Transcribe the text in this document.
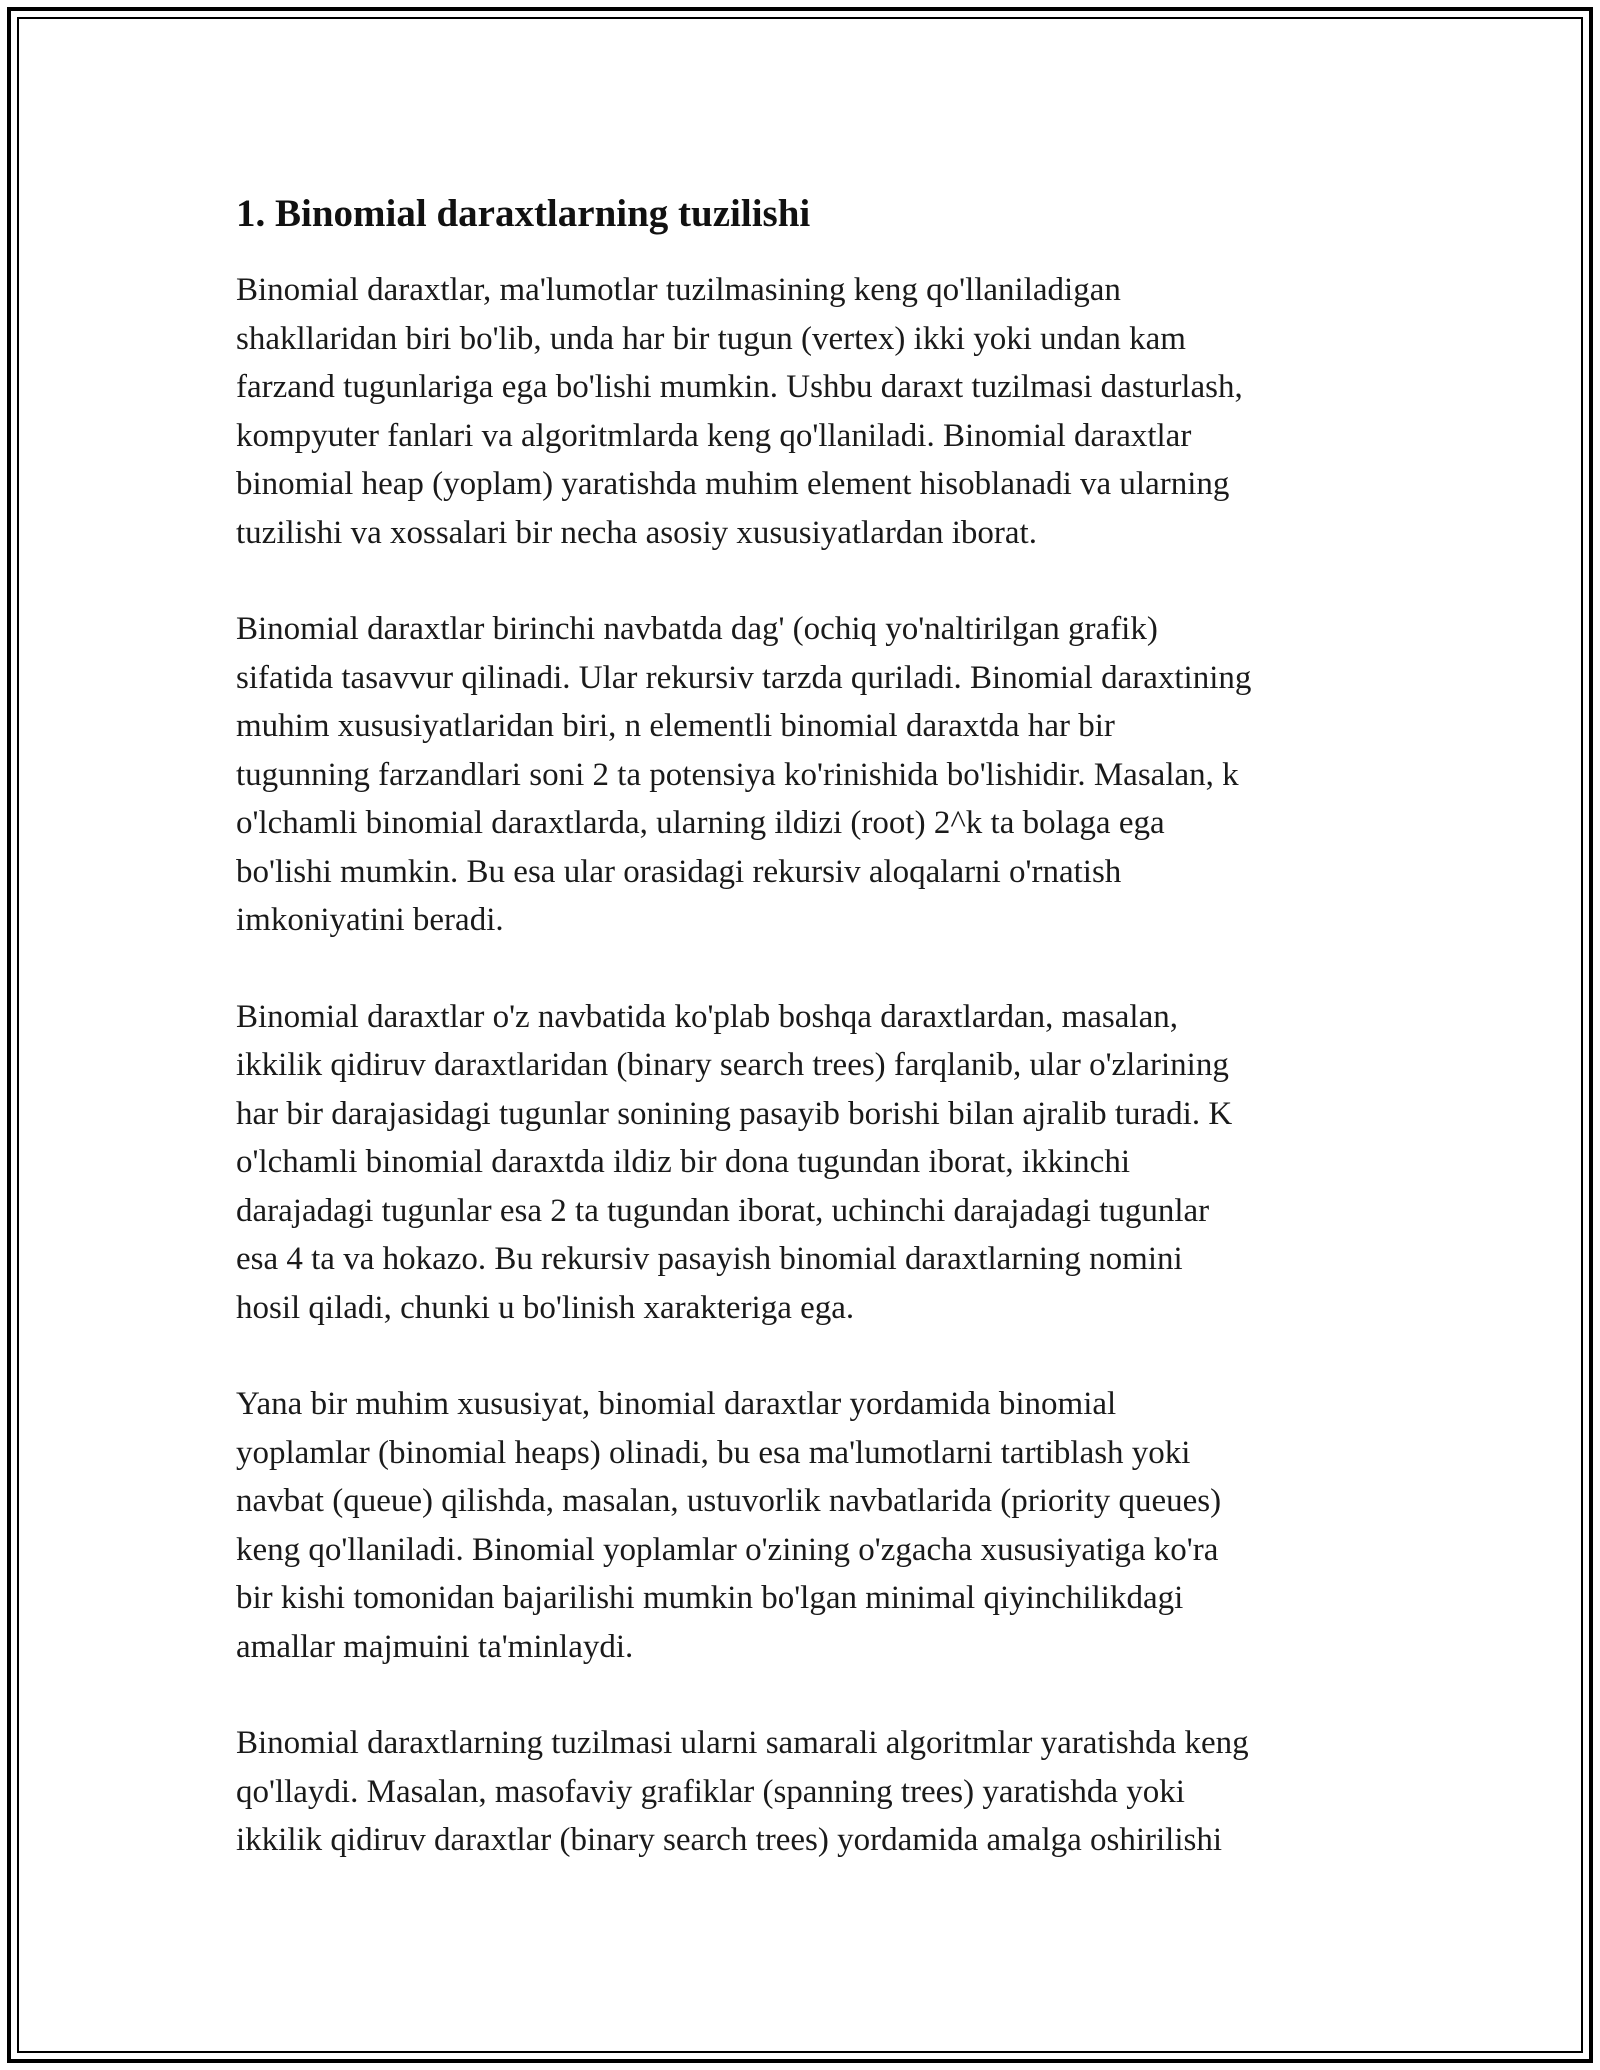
1. Binomial daraxtlarning tuzilishi

Binomial daraxtlar, ma'lumotlar tuzilmasining keng qo'llaniladigan
shakllaridan biri bo'lib, unda har bir tugun (vertex) ikki yoki undan kam
farzand tugunlariga ega bo'lishi mumkin. Ushbu daraxt tuzilmasi dasturlash,
kompyuter fanlari va algoritmlarda keng qo'llaniladi. Binomial daraxtlar
binomial heap (yoplam) yaratishda muhim element hisoblanadi va ularning
tuzilishi va xossalari bir necha asosiy xususiyatlardan iborat.

Binomial daraxtlar birinchi navbatda dag' (ochiq yo'naltirilgan grafik)
sifatida tasavvur qilinadi. Ular rekursiv tarzda quriladi. Binomial daraxtining
muhim xususiyatlaridan biri, n elementli binomial daraxtda har bir
tugunning farzandlari soni 2 ta potensiya ko'rinishida bo'lishidir. Masalan, k
o'lchamli binomial daraxtlarda, ularning ildizi (root) 2^k ta bolaga ega
bo'lishi mumkin. Bu esa ular orasidagi rekursiv aloqalarni o'rnatish
imkoniyatini beradi.

Binomial daraxtlar o'z navbatida ko'plab boshqa daraxtlardan, masalan,
ikkilik qidiruv daraxtlaridan (binary search trees) farqlanib, ular o'zlarining
har bir darajasidagi tugunlar sonining pasayib borishi bilan ajralib turadi. K
o'lchamli binomial daraxtda ildiz bir dona tugundan iborat, ikkinchi
darajadagi tugunlar esa 2 ta tugundan iborat, uchinchi darajadagi tugunlar
esa 4 ta va hokazo. Bu rekursiv pasayish binomial daraxtlarning nomini
hosil qiladi, chunki u bo'linish xarakteriga ega.

Yana bir muhim xususiyat, binomial daraxtlar yordamida binomial
yoplamlar (binomial heaps) olinadi, bu esa ma'lumotlarni tartiblash yoki
navbat (queue) qilishda, masalan, ustuvorlik navbatlarida (priority queues)
keng qo'llaniladi. Binomial yoplamlar o'zining o'zgacha xususiyatiga ko'ra
bir kishi tomonidan bajarilishi mumkin bo'lgan minimal qiyinchilikdagi
amallar majmuini ta'minlaydi.

Binomial daraxtlarning tuzilmasi ularni samarali algoritmlar yaratishda keng
qo'llaydi. Masalan, masofaviy grafiklar (spanning trees) yaratishda yoki
ikkilik qidiruv daraxtlar (binary search trees) yordamida amalga oshirilishi
